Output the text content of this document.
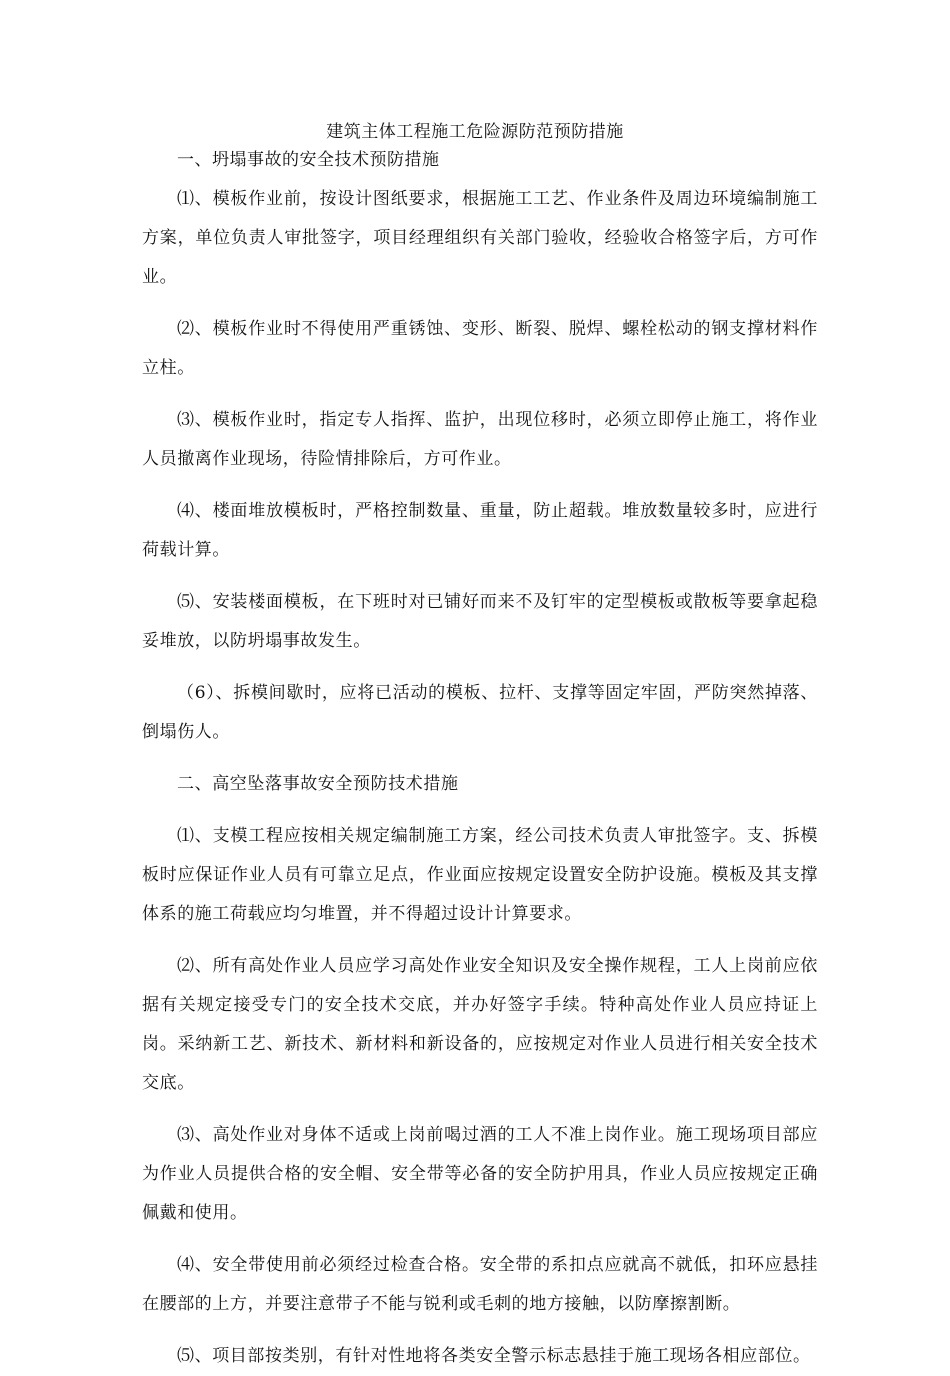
建筑主体工程施工危险源防范预防措施

一、坍塌事故的安全技术预防措施

⑴、模板作业前，按设计图纸要求，根据施工工艺、作业条件及周边环境编制施工方案，单位负责人审批签字，项目经理组织有关部门验收，经验收合格签字后，方可作业。

⑵、模板作业时不得使用严重锈蚀、变形、断裂、脱焊、螺栓松动的钢支撑材料作立柱。

⑶、模板作业时，指定专人指挥、监护，出现位移时，必须立即停止施工，将作业人员撤离作业现场，待险情排除后，方可作业。

⑷、楼面堆放模板时，严格控制数量、重量，防止超载。堆放数量较多时，应进行荷载计算。

⑸、安装楼面模板，在下班时对已铺好而来不及钉牢的定型模板或散板等要拿起稳妥堆放，以防坍塌事故发生。

（6）、拆模间歇时，应将已活动的模板、拉杆、支撑等固定牢固，严防突然掉落、倒塌伤人。

二、高空坠落事故安全预防技术措施

⑴、支模工程应按相关规定编制施工方案，经公司技术负责人审批签字。支、拆模板时应保证作业人员有可靠立足点，作业面应按规定设置安全防护设施。模板及其支撑体系的施工荷载应均匀堆置，并不得超过设计计算要求。

⑵、所有高处作业人员应学习高处作业安全知识及安全操作规程，工人上岗前应依据有关规定接受专门的安全技术交底，并办好签字手续。特种高处作业人员应持证上岗。采纳新工艺、新技术、新材料和新设备的，应按规定对作业人员进行相关安全技术交底。

⑶、高处作业对身体不适或上岗前喝过酒的工人不准上岗作业。施工现场项目部应为作业人员提供合格的安全帽、安全带等必备的安全防护用具，作业人员应按规定正确佩戴和使用。

⑷、安全带使用前必须经过检查合格。安全带的系扣点应就高不就低，扣环应悬挂在腰部的上方，并要注意带子不能与锐利或毛刺的地方接触，以防摩擦割断。

⑸、项目部按类别，有针对性地将各类安全警示标志悬挂于施工现场各相应部位。
